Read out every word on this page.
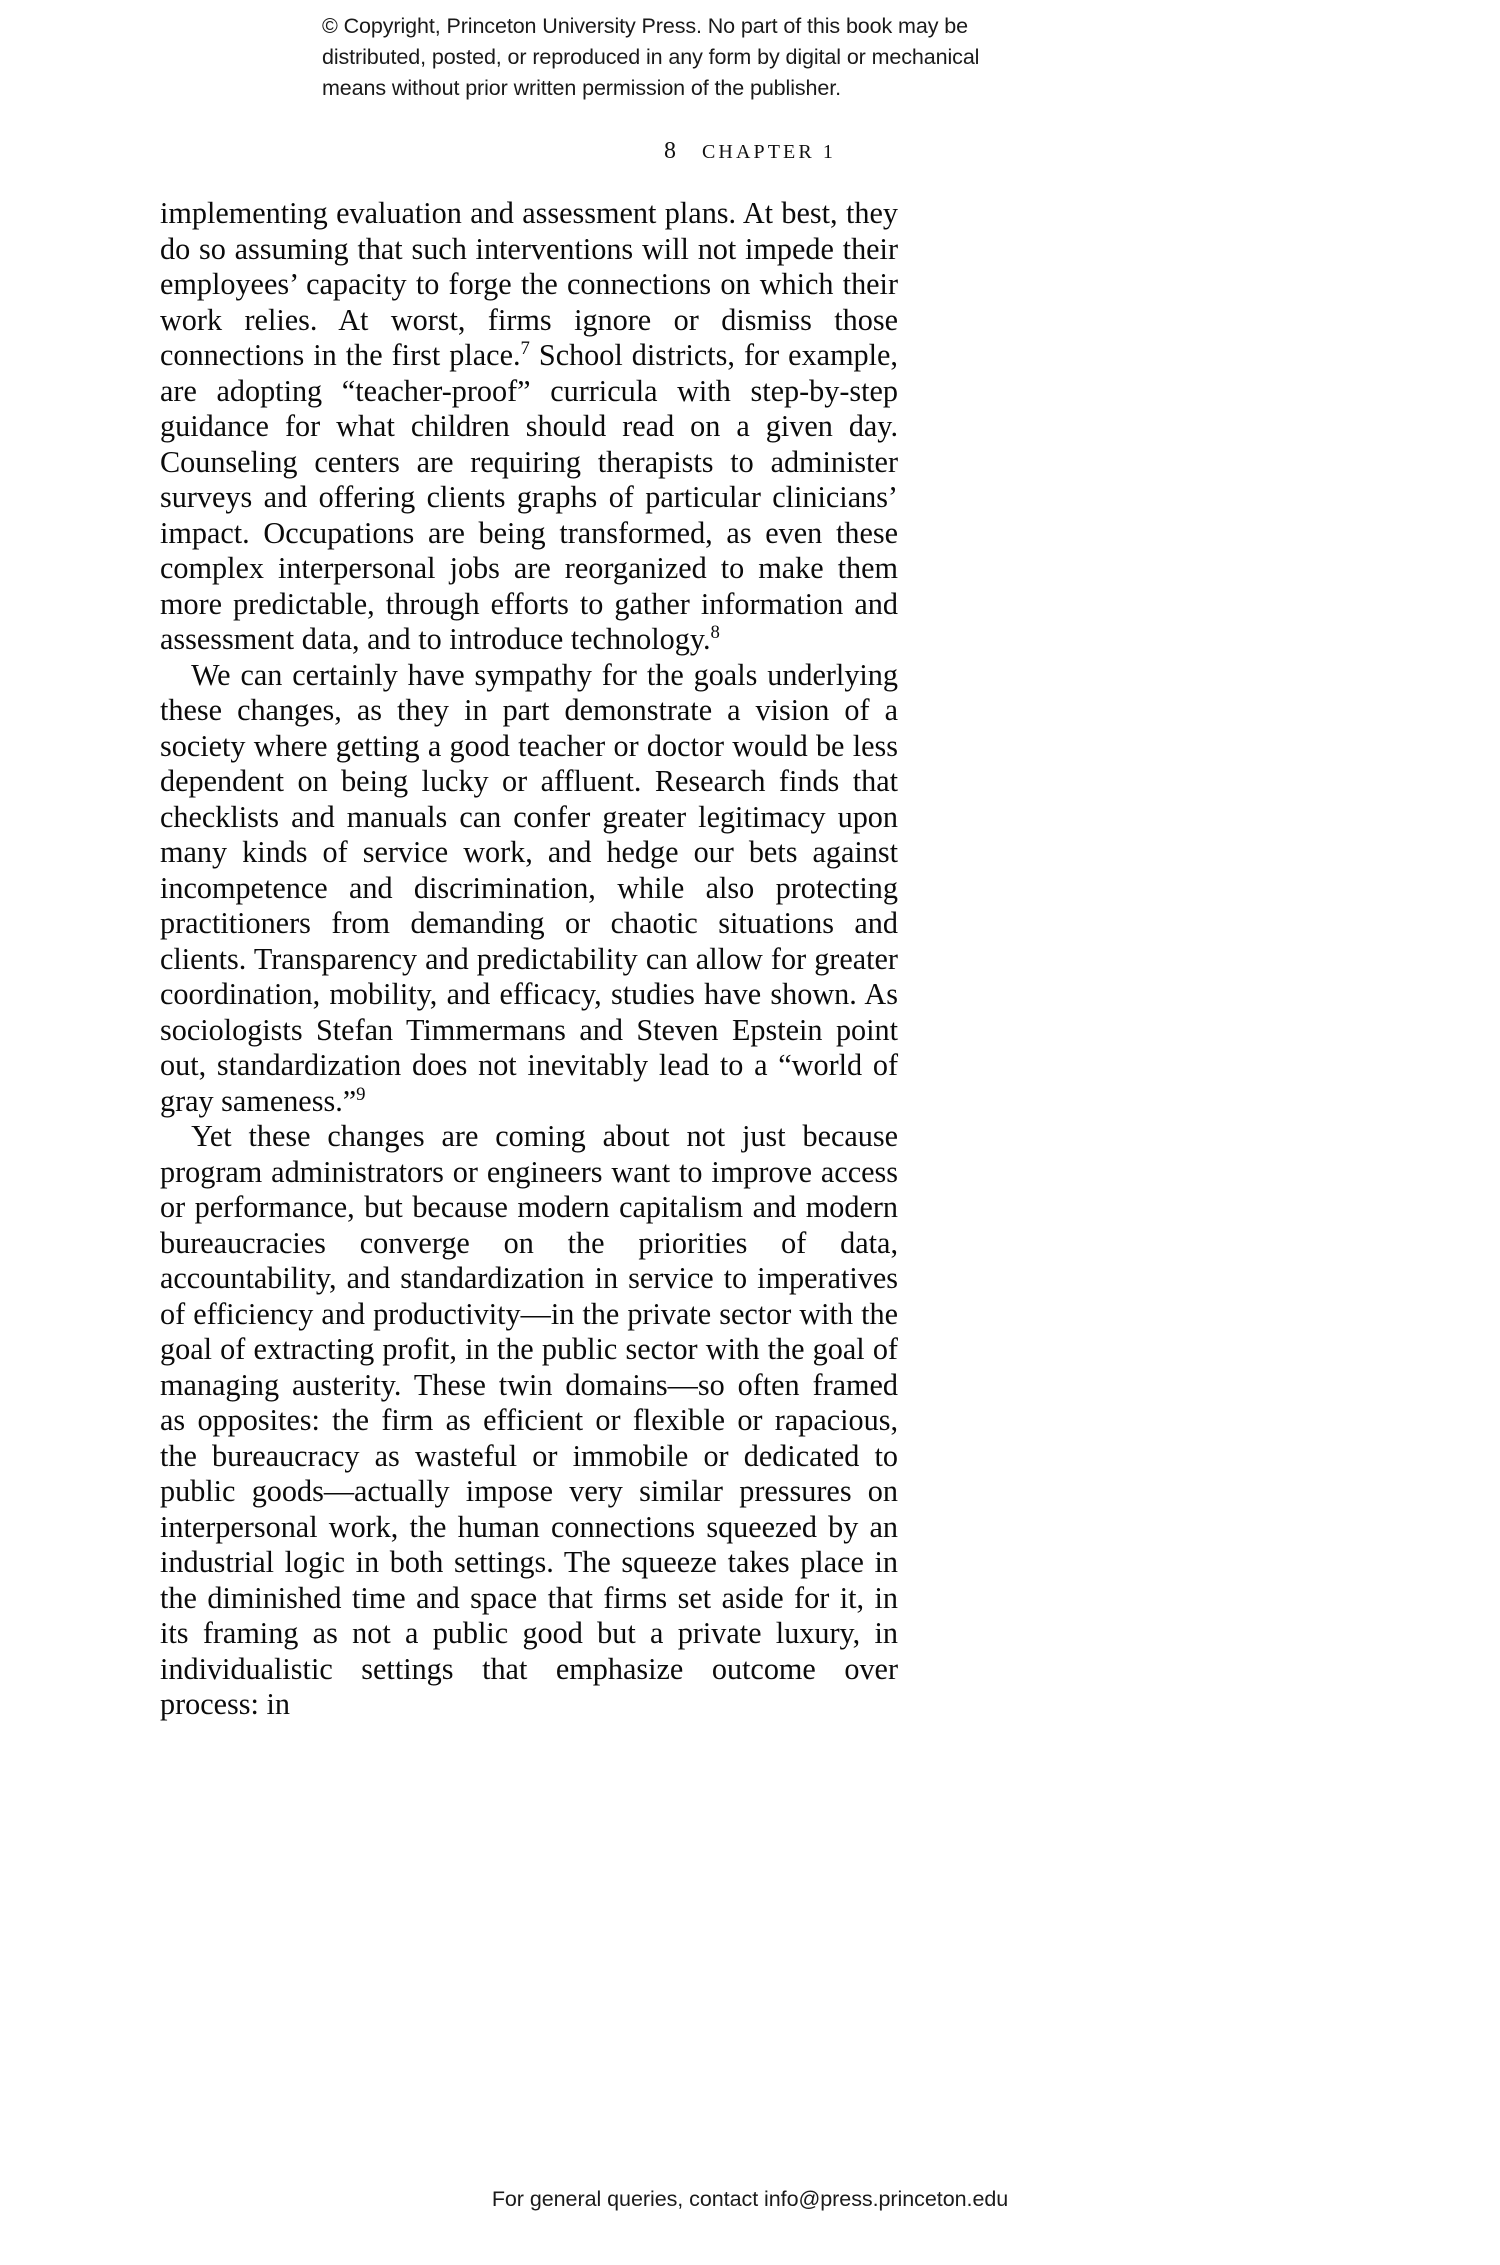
© Copyright, Princeton University Press. No part of this book may be
distributed, posted, or reproduced in any form by digital or mechanical
means without prior written permission of the publisher.
8 CHAPTER 1

implementing evaluation and assessment plans. At best, they do so assuming that such interventions will not impede their employees’ capacity to forge the connections on which their work relies. At worst, firms ignore or dismiss those connections in the first place.$^7$ School districts, for example, are adopting “teacher-proof” curricula with step-by-step guidance for what children should read on a given day. Counseling centers are requiring therapists to administer surveys and offering clients graphs of particular clinicians’ impact. Occupations are being transformed, as even these complex interpersonal jobs are reorganized to make them more predictable, through efforts to gather information and assessment data, and to introduce technology.$^8$

We can certainly have sympathy for the goals underlying these changes, as they in part demonstrate a vision of a society where getting a good teacher or doctor would be less dependent on being lucky or affluent. Research finds that checklists and manuals can confer greater legitimacy upon many kinds of service work, and hedge our bets against incompetence and discrimination, while also protecting practitioners from demanding or chaotic situations and clients. Transparency and predictability can allow for greater coordination, mobility, and efficacy, studies have shown. As sociologists Stefan Timmermans and Steven Epstein point out, standardization does not inevitably lead to a “world of gray sameness.”$^9$

Yet these changes are coming about not just because program administrators or engineers want to improve access or performance, but because modern capitalism and modern bureaucracies converge on the priorities of data, accountability, and standardization in service to imperatives of efficiency and productivity—in the private sector with the goal of extracting profit, in the public sector with the goal of managing austerity. These twin domains—so often framed as opposites: the firm as efficient or flexible or rapacious, the bureaucracy as wasteful or immobile or dedicated to public goods—actually impose very similar pressures on interpersonal work, the human connections squeezed by an industrial logic in both settings. The squeeze takes place in the diminished time and space that firms set aside for it, in its framing as not a public good but a private luxury, in individualistic settings that emphasize outcome over process: in

For general queries, contact info@press.princeton.edu
